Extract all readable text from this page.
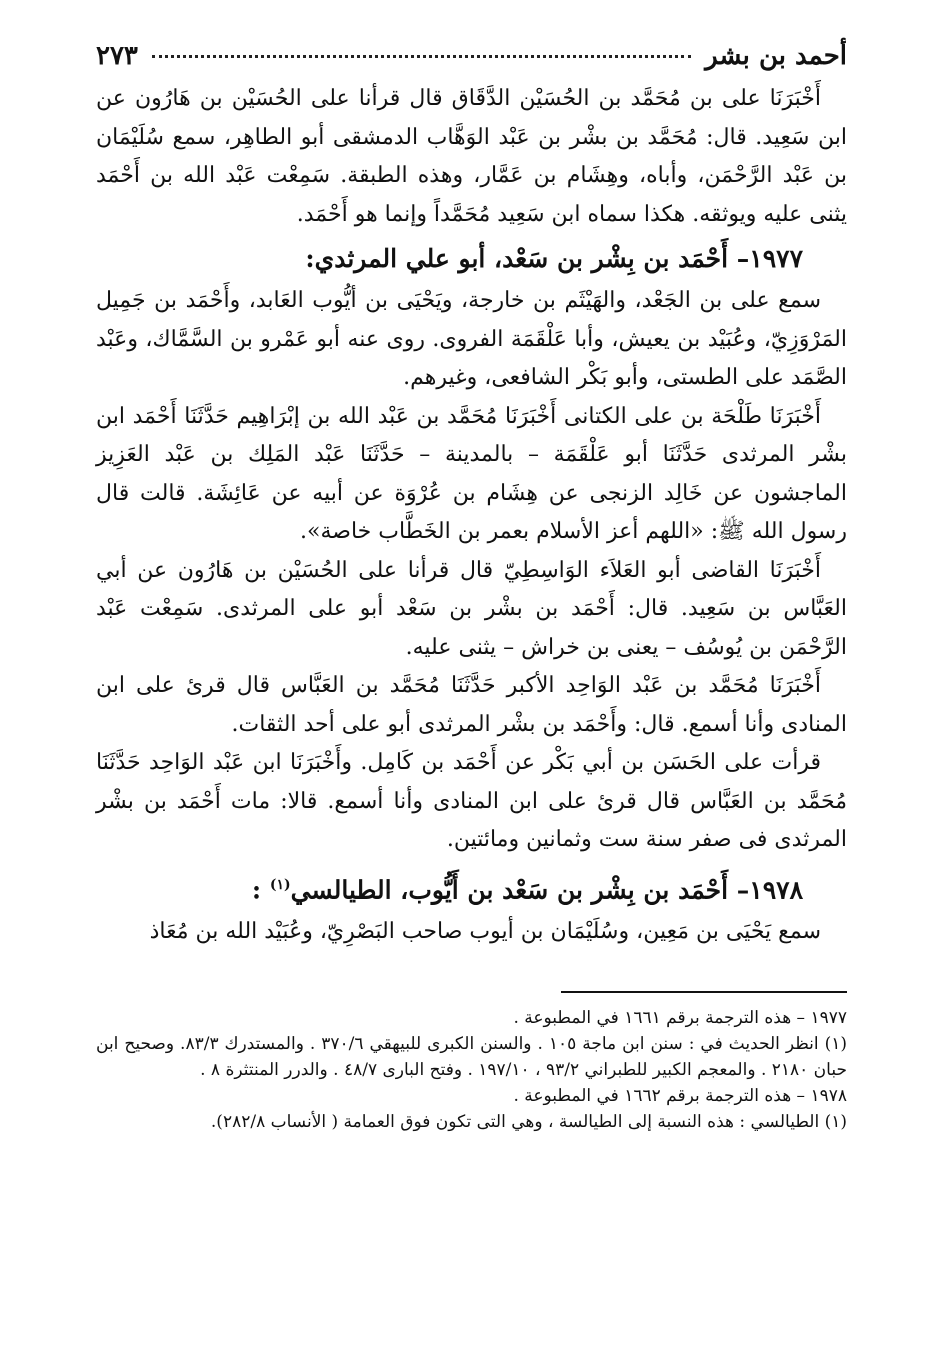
أحمد بن بشر
٢٧٣

أَخْبَرَنَا على بن مُحَمَّد بن الحُسَيْن الدَّقَاق قال قرأنا على الحُسَيْن بن هَارُون عن ابن سَعِيد. قال: مُحَمَّد بن بشْر بن عَبْد الوَهَّاب الدمشقى أبو الطاهِر، سمع سُلَيْمَان بن عَبْد الرَّحْمَن، وأباه، وهِشَام بن عَمَّار، وهذه الطبقة. سَمِعْت عَبْد الله بن أَحْمَد يثنى عليه ويوثقه. هكذا سماه ابن سَعِيد مُحَمَّداً وإنما هو أَحْمَد.

١٩٧٧– أَحْمَد بن بِشْر بن سَعْد، أبو علي المرثدي:

سمع على بن الجَعْد، والهَيْثَم بن خارجة، ويَحْيَى بن أيُّوب العَابد، وأَحْمَد بن جَمِيل المَرْوَزِيّ، وعُبَيْد بن يعيش، وأبا عَلْقَمَة الفروى. روى عنه أبو عَمْرو بن السَّمَّاك، وعَبْد الصَّمَد على الطستى، وأبو بَكْر الشافعى، وغيرهم.

أَخْبَرَنَا طَلْحَة بن على الكتانى أَخْبَرَنَا مُحَمَّد بن عَبْد الله بن إبْرَاهِيم حَدَّثَنَا أَحْمَد ابن بشْر المرثدى حَدَّثَنَا أبو عَلْقَمَة – بالمدينة – حَدَّثَنَا عَبْد المَلِك بن عَبْد العَزِيز الماجشون عن خَالِد الزنجى عن هِشَام بن عُرْوَة عن أبيه عن عَائِشَة. قالت قال رسول الله ﷺ: «اللهم أعز الأسلام بعمر بن الخَطَّاب خاصة».

أَخْبَرَنَا القاضى أبو العَلاَء الوَاسِطِيّ قال قرأنا على الحُسَيْن بن هَارُون عن أبي العَبَّاس بن سَعِيد. قال: أَحْمَد بن بشْر بن سَعْد أبو على المرثدى. سَمِعْت عَبْد الرَّحْمَن بن يُوسُف – يعنى بن خراش – يثنى عليه.

أَخْبَرَنَا مُحَمَّد بن عَبْد الوَاحِد الأكبر حَدَّثَنَا مُحَمَّد بن العَبَّاس قال قرئ على ابن المنادى وأنا أسمع. قال: وأَحْمَد بن بشْر المرثدى أبو على أحد الثقات.

قرأت على الحَسَن بن أبي بَكْر عن أَحْمَد بن كَامِل. وأَخْبَرَنَا ابن عَبْد الوَاحِد حَدَّثَنَا مُحَمَّد بن العَبَّاس قال قرئ على ابن المنادى وأنا أسمع. قالا: مات أَحْمَد بن بشْر المرثدى فى صفر سنة ست وثمانين ومائتين.

١٩٧٨– أَحْمَد بن بِشْر بن سَعْد بن أَيُّوب، الطيالسي$^{(١)}$ :

سمع يَحْيَى بن مَعِين، وسُلَيْمَان بن أيوب صاحب البَصْرِيّ، وعُبَيْد الله بن مُعَاذ

١٩٧٧ – هذه الترجمة برقم ١٦٦١ في المطبوعة .

(١) انظر الحديث في : سنن ابن ماجة ١٠٥ . والسنن الكبرى للبيهقي ٣٧٠/٦ . والمستدرك ٨٣/٣. وصحيح ابن حبان ٢١٨٠ . والمعجم الكبير للطبراني ٩٣/٢ ، ١٩٧/١٠ . وفتح البارى ٤٨/٧ . والدرر المنتثرة ٨ .

١٩٧٨ – هذه الترجمة برقم ١٦٦٢ في المطبوعة .

(١) الطيالسي : هذه النسبة إلى الطيالسة ، وهي التى تكون فوق العمامة ( الأنساب ٢٨٢/٨).
